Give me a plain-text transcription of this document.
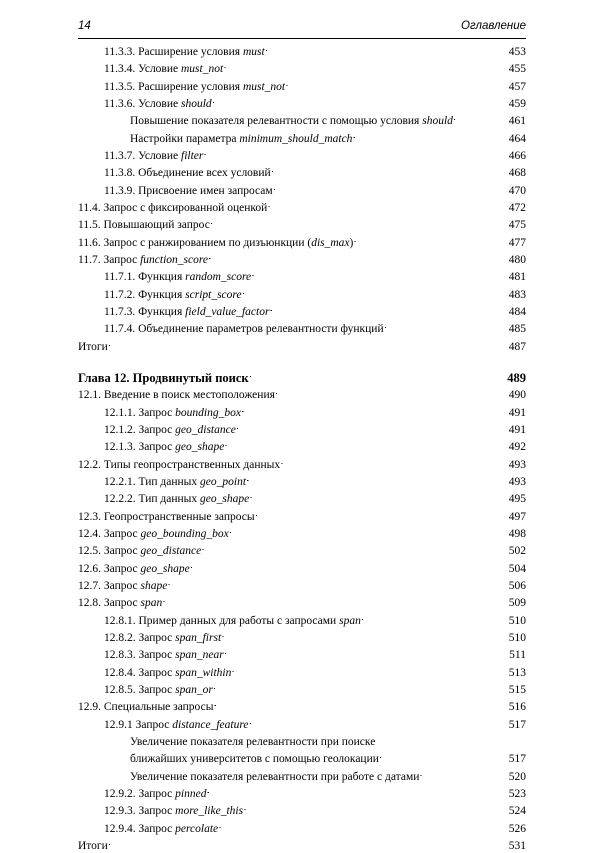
14	Оглавление
11.3.3. Расширение условия must . . .	453
11.3.4. Условие must_not . . .	455
11.3.5. Расширение условия must_not . . .	457
11.3.6. Условие should . . .	459
Повышение показателя релевантности с помощью условия should . . .	461
Настройки параметра minimum_should_match . . .	464
11.3.7. Условие filter . . .	466
11.3.8. Объединение всех условий . . .	468
11.3.9. Присвоение имен запросам . . .	470
11.4. Запрос с фиксированной оценкой . . .	472
11.5. Повышающий запрос . . .	475
11.6. Запрос с ранжированием по дизъюнкции (dis_max) . . .	477
11.7. Запрос function_score . . .	480
11.7.1. Функция random_score . . .	481
11.7.2. Функция script_score . . .	483
11.7.3. Функция field_value_factor . . .	484
11.7.4. Объединение параметров релевантности функций . . .	485
Итоги . . .	487
Глава 12. Продвинутый поиск . . .	489
12.1. Введение в поиск местоположения . . .	490
12.1.1. Запрос bounding_box . . .	491
12.1.2. Запрос geo_distance . . .	491
12.1.3. Запрос geo_shape . . .	492
12.2. Типы геопространственных данных . . .	493
12.2.1. Тип данных geo_point . . .	493
12.2.2. Тип данных geo_shape . . .	495
12.3. Геопространственные запросы . . .	497
12.4. Запрос geo_bounding_box . . .	498
12.5. Запрос geo_distance . . .	502
12.6. Запрос geo_shape . . .	504
12.7. Запрос shape . . .	506
12.8. Запрос span . . .	509
12.8.1. Пример данных для работы с запросами span . . .	510
12.8.2. Запрос span_first . . .	510
12.8.3. Запрос span_near . . .	511
12.8.4. Запрос span_within . . .	513
12.8.5. Запрос span_or . . .	515
12.9. Специальные запросы . . .	516
12.9.1 Запрос distance_feature . . .	517
Увеличение показателя релевантности при поиске
ближайших университетов с помощью геолокации . . .	517
Увеличение показателя релевантности при работе с датами . . .	520
12.9.2. Запрос pinned . . .	523
12.9.3. Запрос more_like_this . . .	524
12.9.4. Запрос percolate . . .	526
Итоги . . .	531
